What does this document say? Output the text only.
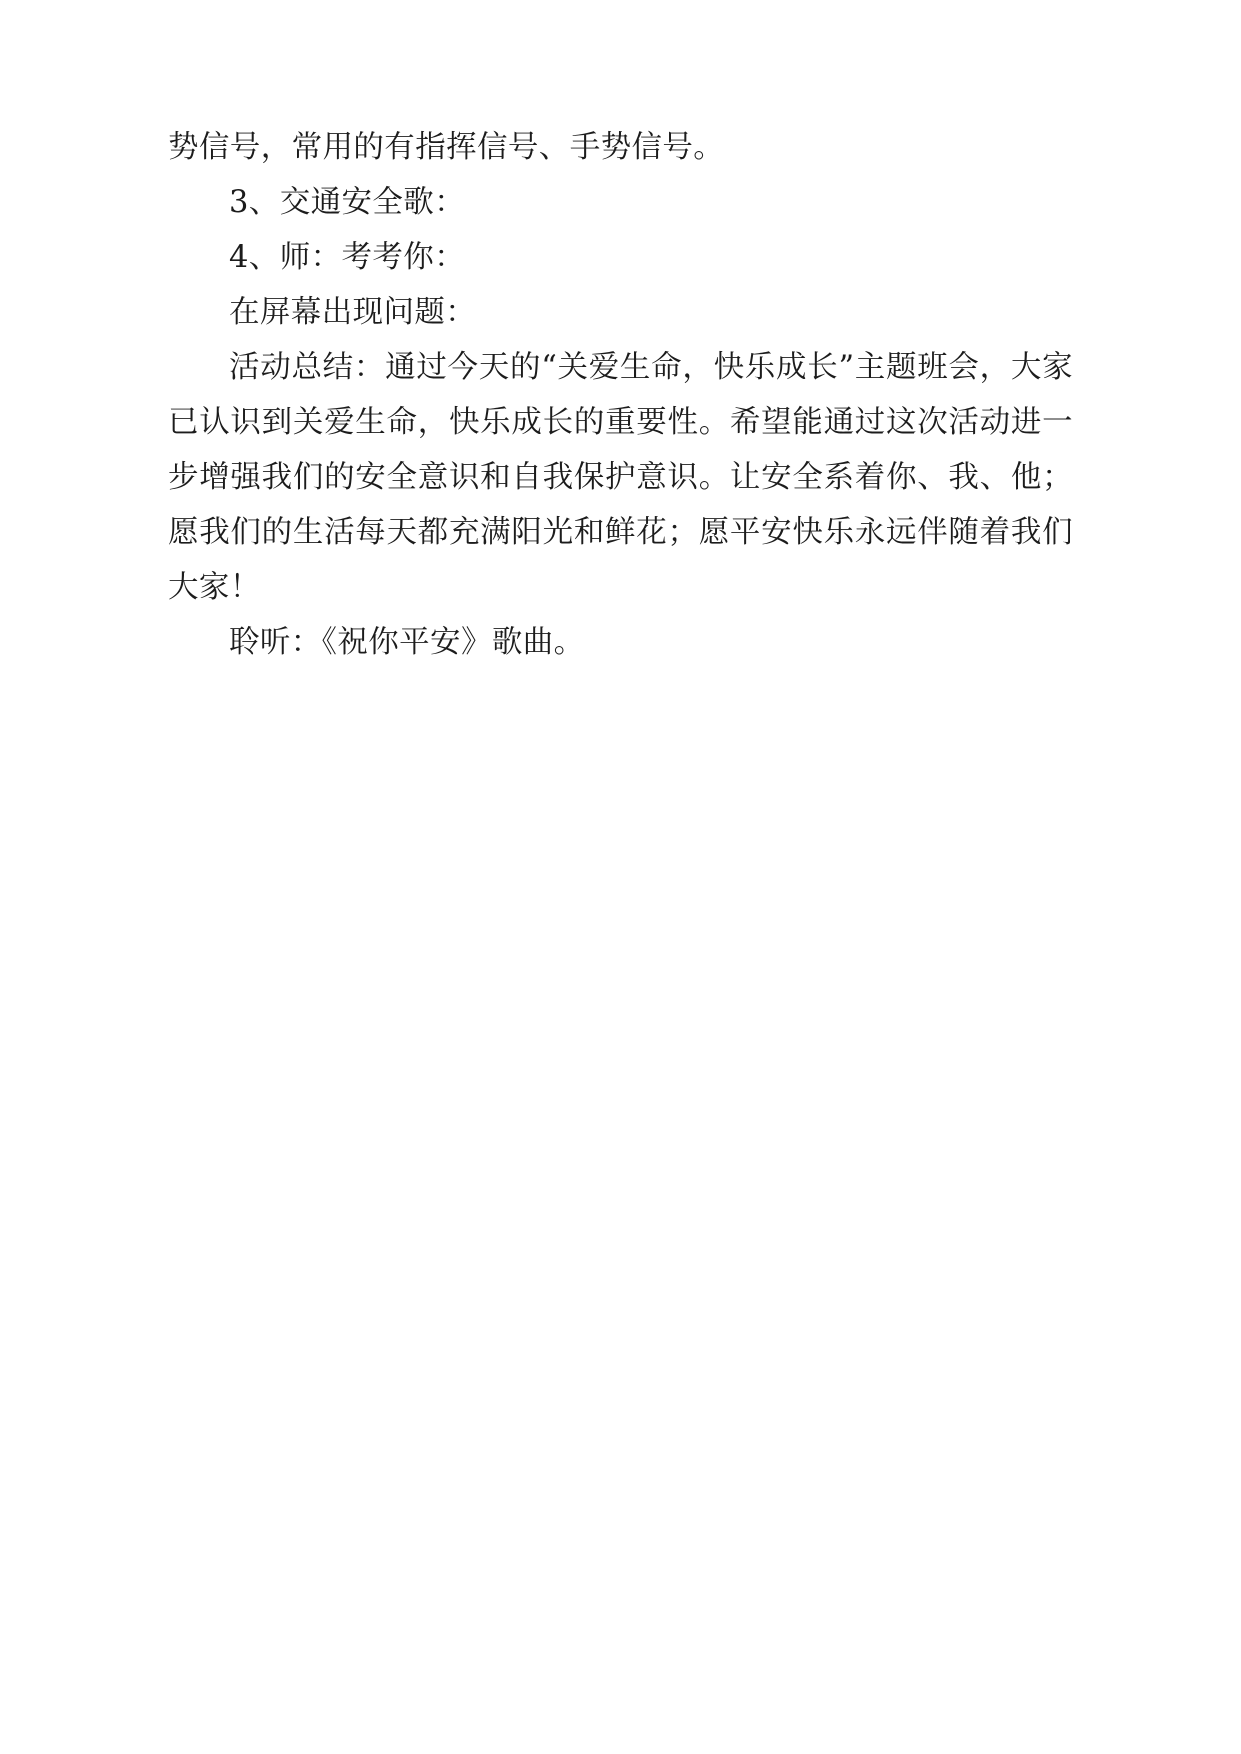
势信号，常用的有指挥信号、手势信号。

3、交通安全歌：

4、师：考考你：

在屏幕出现问题：

活动总结：通过今天的“关爱生命，快乐成长”主题班会，大家已认识到关爱生命，快乐成长的重要性。希望能通过这次活动进一步增强我们的安全意识和自我保护意识。让安全系着你、我、他；愿我们的生活每天都充满阳光和鲜花；愿平安快乐永远伴随着我们大家！

聆听：《祝你平安》歌曲。
